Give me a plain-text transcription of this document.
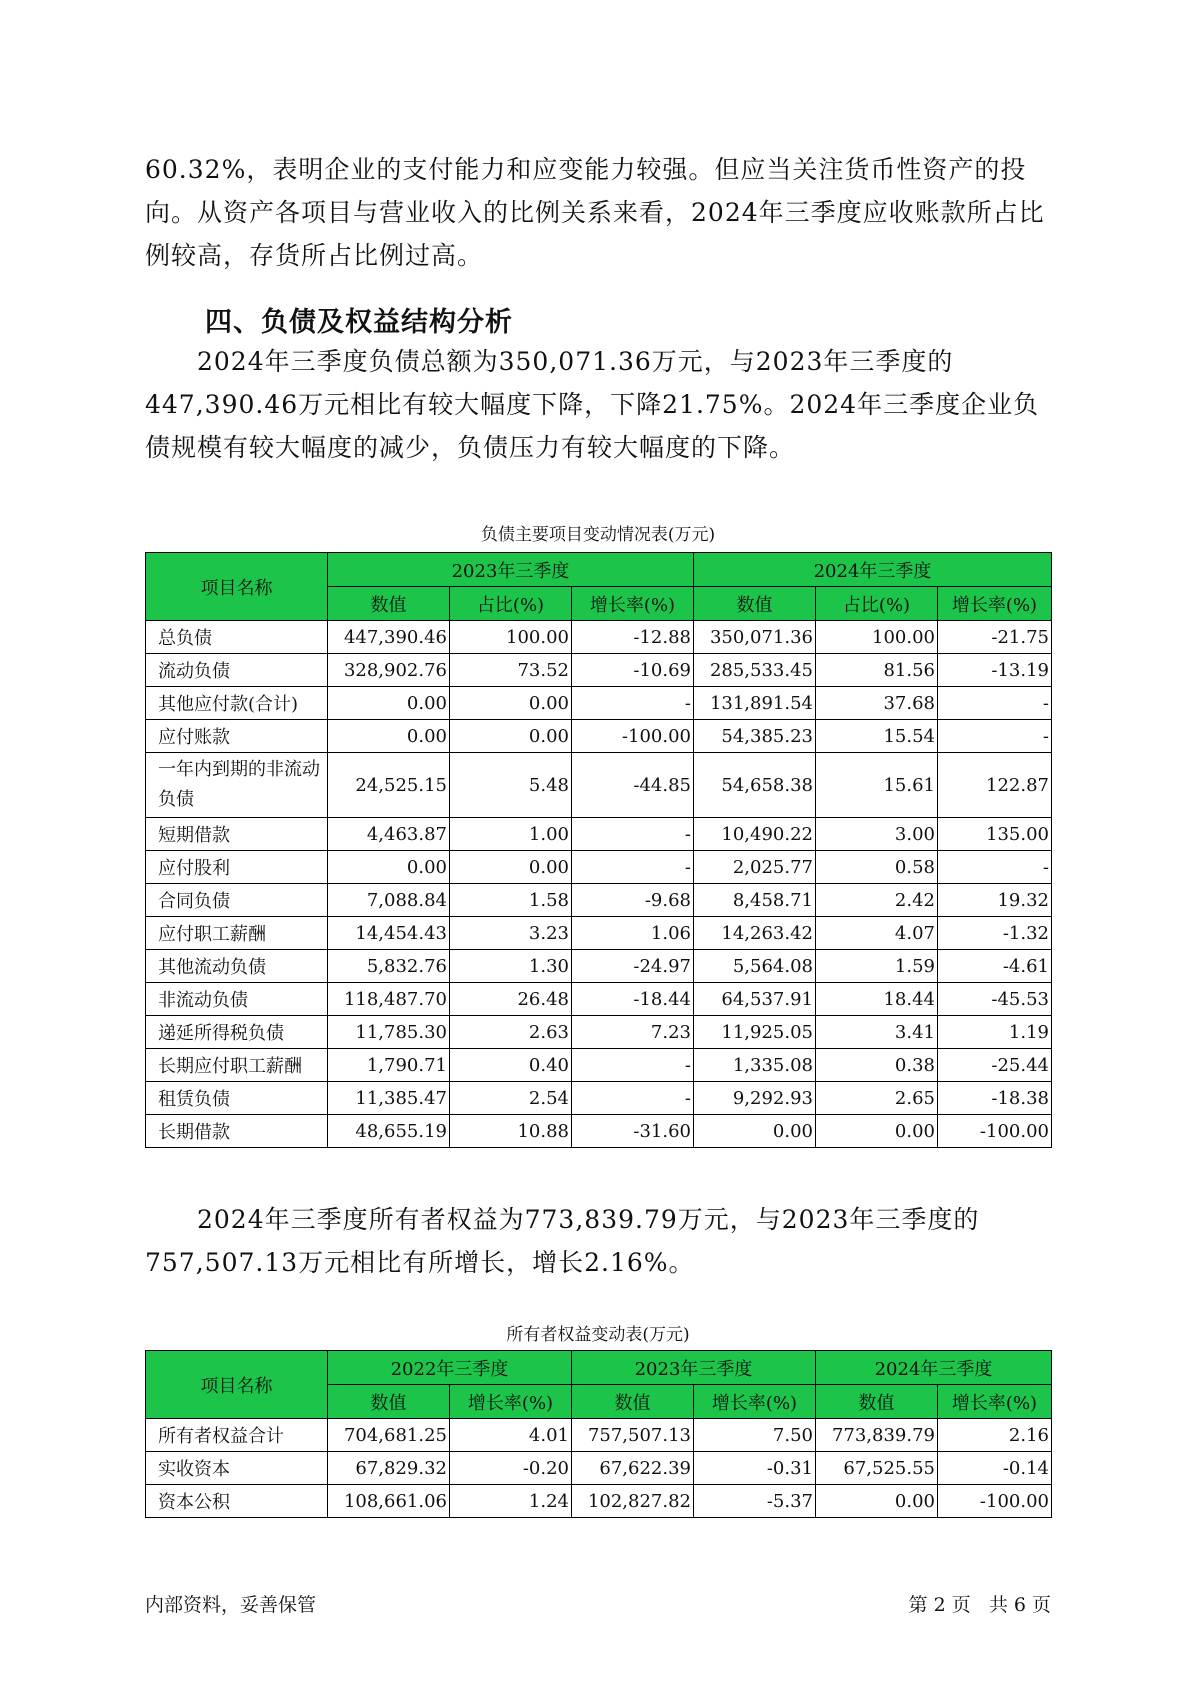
60.32%，表明企业的支付能力和应变能力较强。但应当关注货币性资产的投向。从资产各项目与营业收入的比例关系来看，2024年三季度应收账款所占比例较高，存货所占比例过高。

四、负债及权益结构分析

2024年三季度负债总额为350,071.36万元，与2023年三季度的447,390.46万元相比有较大幅度下降，下降21.75%。2024年三季度企业负债规模有较大幅度的减少，负债压力有较大幅度的下降。

负债主要项目变动情况表(万元)
项目名称	2023年三季度			2024年三季度		
	数值	占比(%)	增长率(%)	数值	占比(%)	增长率(%)
总负债	447,390.46	100.00	-12.88	350,071.36	100.00	-21.75
流动负债	328,902.76	73.52	-10.69	285,533.45	81.56	-13.19
其他应付款(合计)	0.00	0.00	-	131,891.54	37.68	-
应付账款	0.00	0.00	-100.00	54,385.23	15.54	-
一年内到期的非流动负债	24,525.15	5.48	-44.85	54,658.38	15.61	122.87
短期借款	4,463.87	1.00	-	10,490.22	3.00	135.00
应付股利	0.00	0.00	-	2,025.77	0.58	-
合同负债	7,088.84	1.58	-9.68	8,458.71	2.42	19.32
应付职工薪酬	14,454.43	3.23	1.06	14,263.42	4.07	-1.32
其他流动负债	5,832.76	1.30	-24.97	5,564.08	1.59	-4.61
非流动负债	118,487.70	26.48	-18.44	64,537.91	18.44	-45.53
递延所得税负债	11,785.30	2.63	7.23	11,925.05	3.41	1.19
长期应付职工薪酬	1,790.71	0.40	-	1,335.08	0.38	-25.44
租赁负债	11,385.47	2.54	-	9,292.93	2.65	-18.38
长期借款	48,655.19	10.88	-31.60	0.00	0.00	-100.00

2024年三季度所有者权益为773,839.79万元，与2023年三季度的757,507.13万元相比有所增长，增长2.16%。

所有者权益变动表(万元)
项目名称	2022年三季度		2023年三季度		2024年三季度	
	数值	增长率(%)	数值	增长率(%)	数值	增长率(%)
所有者权益合计	704,681.25	4.01	757,507.13	7.50	773,839.79	2.16
实收资本	67,829.32	-0.20	67,622.39	-0.31	67,525.55	-0.14
资本公积	108,661.06	1.24	102,827.82	-5.37	0.00	-100.00
内部资料，妥善保管	第 2 页   共 6 页
